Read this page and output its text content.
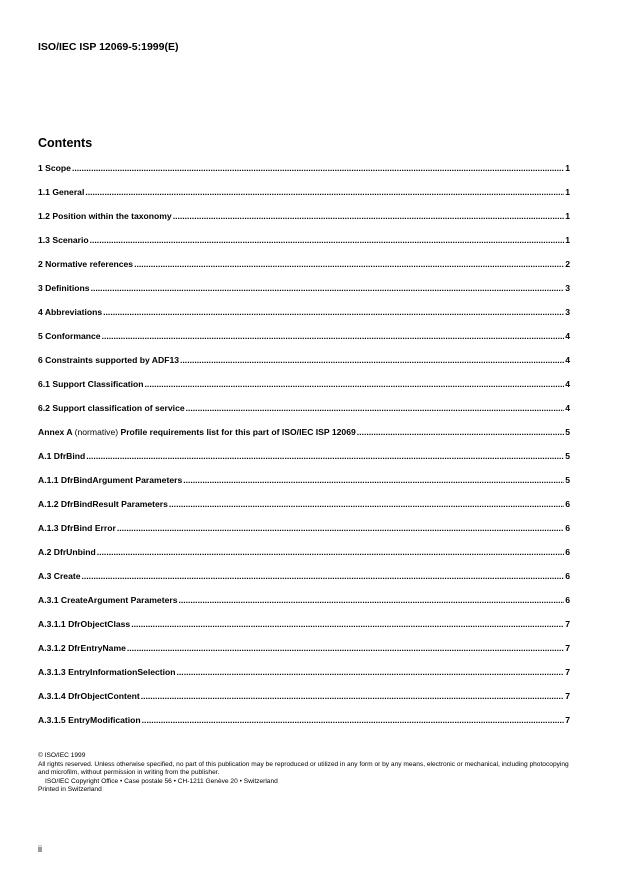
ISO/IEC ISP 12069-5:1999(E)
Contents
1 Scope .....	1
1.1 General .....	1
1.2 Position within the taxonomy .....	1
1.3 Scenario .....	1
2 Normative references .....	2
3 Definitions .....	3
4 Abbreviations .....	3
5 Conformance .....	4
6 Constraints supported by ADF13 .....	4
6.1 Support Classification .....	4
6.2 Support classification of service .....	4
Annex A (normative) Profile requirements list for this part of ISO/IEC ISP 12069 .....	5
A.1 DfrBind .....	5
A.1.1 DfrBindArgument Parameters .....	5
A.1.2 DfrBindResult Parameters .....	6
A.1.3 DfrBind Error .....	6
A.2 DfrUnbind .....	6
A.3 Create .....	6
A.3.1 CreateArgument Parameters .....	6
A.3.1.1 DfrObjectClass .....	7
A.3.1.2 DfrEntryName .....	7
A.3.1.3 EntryInformationSelection .....	7
A.3.1.4 DfrObjectContent .....	7
A.3.1.5 EntryModification .....	7
© ISO/IEC 1999
All rights reserved. Unless otherwise specified, no part of this publication may be reproduced or utilized in any form or by any means, electronic or mechanical, including photocopying and microfilm, without permission in writing from the publisher.
ISO/IEC Copyright Office • Case postale 56 • CH-1211 Genève 20 • Switzerland
Printed in Switzerland
ii
